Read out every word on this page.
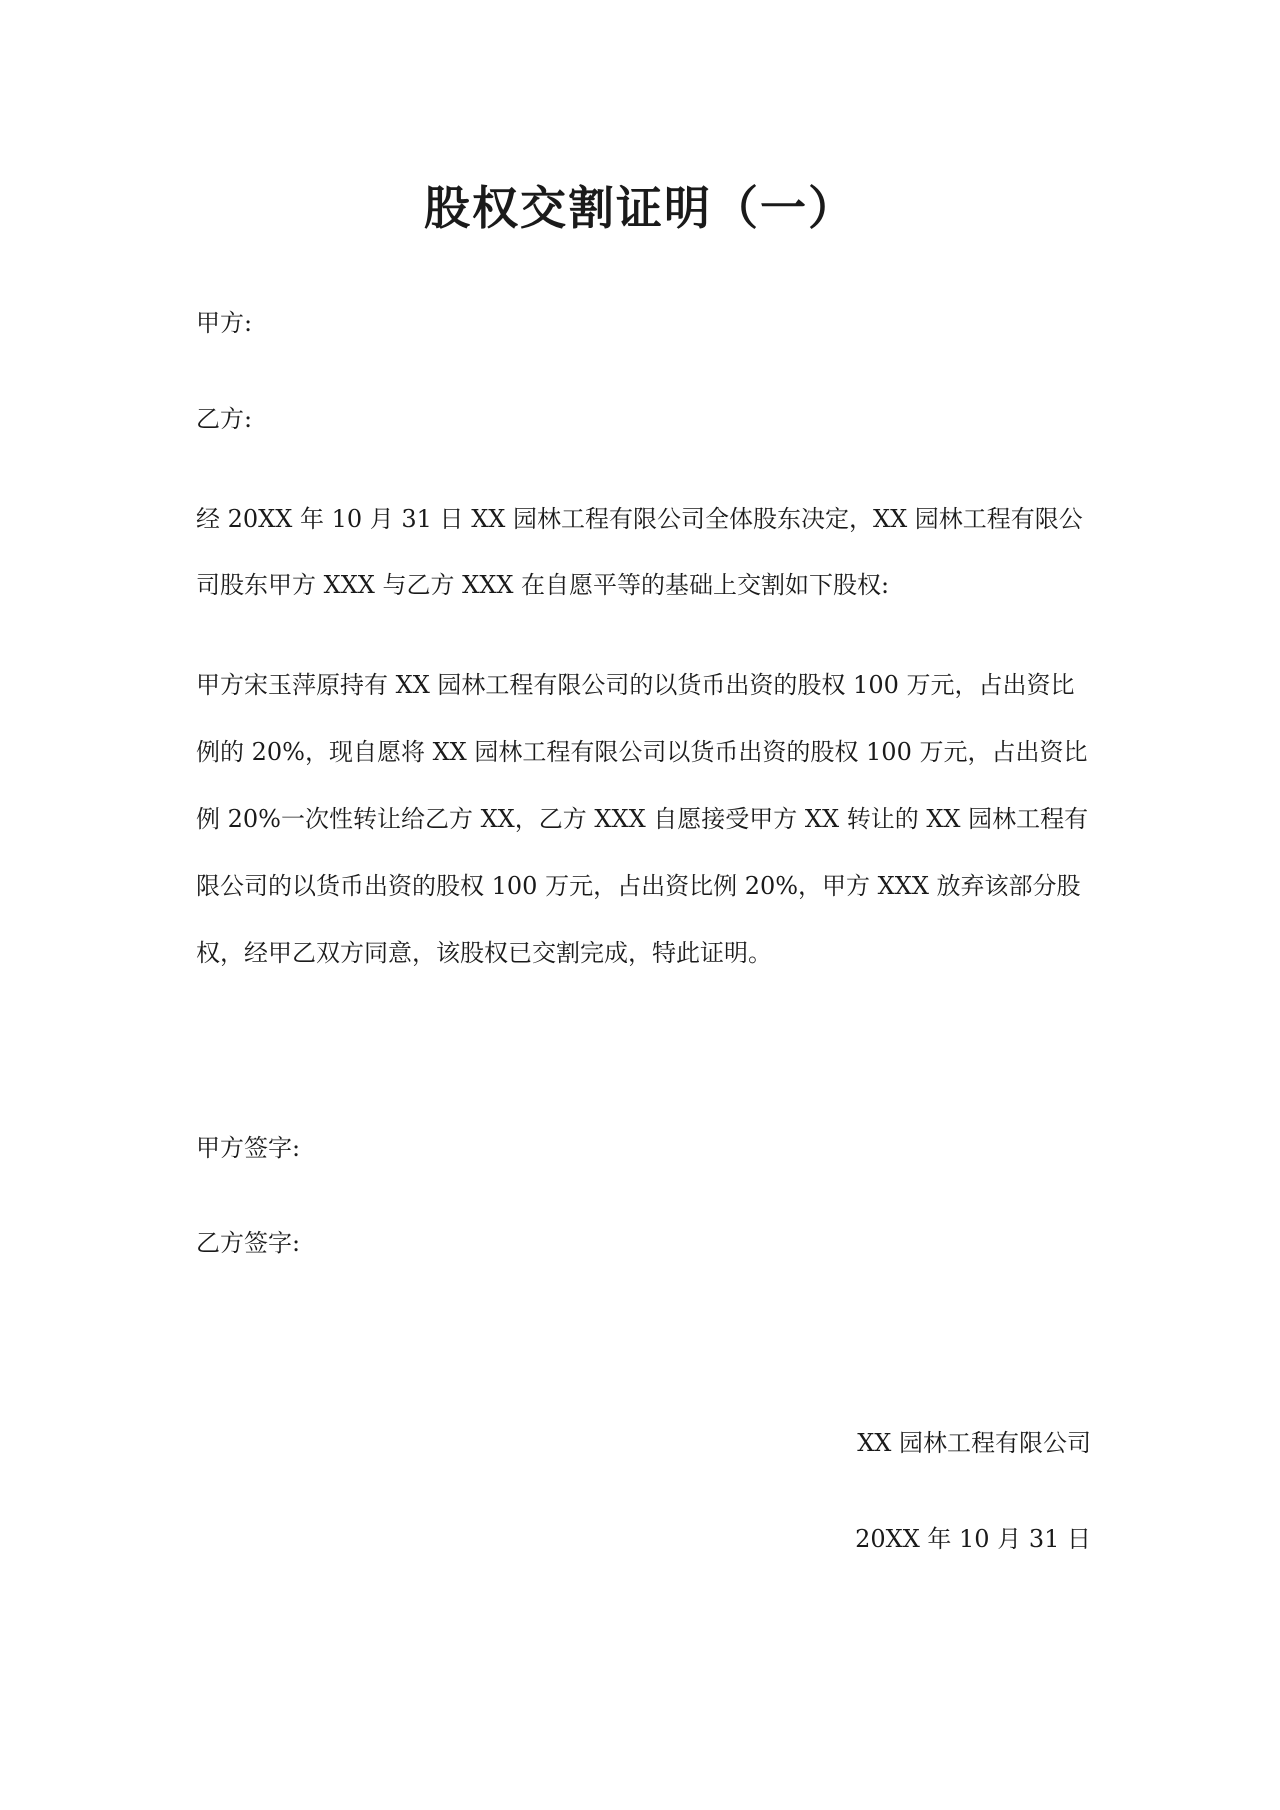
股权交割证明（一）

甲方:

乙方:

经 20XX 年 10 月 31 日 XX 园林工程有限公司全体股东决定，XX 园林工程有限公司股东甲方 XXX 与乙方 XXX 在自愿平等的基础上交割如下股权:

甲方宋玉萍原持有 XX 园林工程有限公司的以货币出资的股权 100 万元，占出资比例的 20%，现自愿将 XX 园林工程有限公司以货币出资的股权 100 万元，占出资比例 20%一次性转让给乙方 XX，乙方 XXX 自愿接受甲方 XX 转让的 XX 园林工程有限公司的以货币出资的股权 100 万元，占出资比例 20%，甲方 XXX 放弃该部分股权，经甲乙双方同意，该股权已交割完成，特此证明。

甲方签字:

乙方签字:

XX 园林工程有限公司

20XX 年 10 月 31 日
